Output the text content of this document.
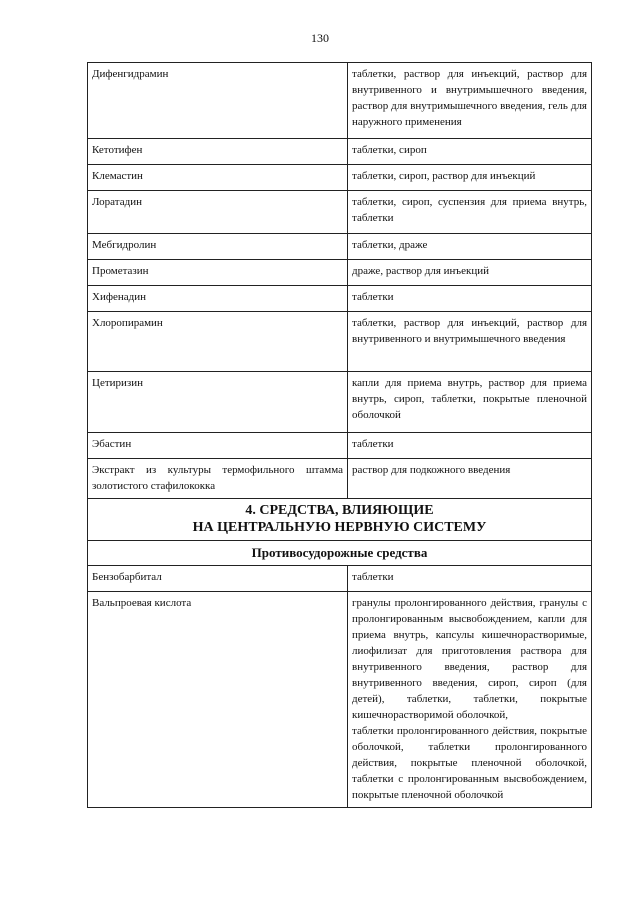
130
Дифенгидрамин	таблетки, раствор для инъекций, раствор для внутривенного и внутримышечного введения, раствор для внутримышечного введения, гель для наружного применения
Кетотифен	таблетки, сироп
Клемастин	таблетки, сироп, раствор для инъекций
Лоратадин	таблетки, сироп, суспензия для приема внутрь, таблетки
Мебгидролин	таблетки, драже
Прометазин	драже, раствор для инъекций
Хифенадин	таблетки
Хлоропирамин	таблетки, раствор для инъекций, раствор для внутривенного и внутримышечного введения
Цетиризин	капли для приема внутрь, раствор для приема внутрь, сироп, таблетки, покрытые пленочной оболочкой
Эбастин	таблетки
Экстракт из культуры термофильного штамма золотистого стафилококка	раствор для подкожного введения

4. СРЕДСТВА, ВЛИЯЮЩИЕ
НА ЦЕНТРАЛЬНУЮ НЕРВНУЮ СИСТЕМУ	

Противосудорожные средства	
Бензобарбитал	таблетки
Вальпроевая кислота	гранулы пролонгированного действия, гранулы с пролонгированным высвобождением, капли для приема внутрь, капсулы кишечнорастворимые, лиофилизат для приготовления раствора для внутривенного введения, раствор для внутривенного введения, сироп, сироп (для детей), таблетки, таблетки, покрытые кишечнорастворимой оболочкой,
таблетки пролонгированного действия, покрытые оболочкой, таблетки пролонгированного действия, покрытые пленочной оболочкой, таблетки с пролонгированным высвобождением, покрытые пленочной оболочкой
